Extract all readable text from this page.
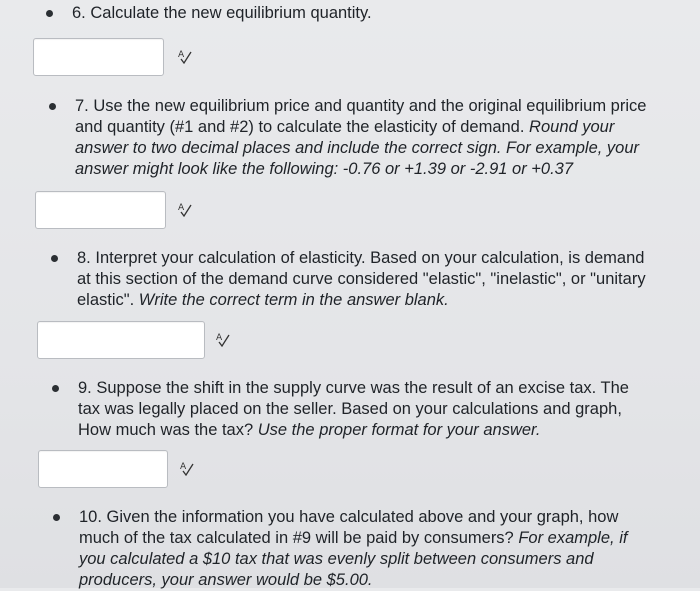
6. Calculate the new equilibrium quantity.
A
7. Use the new equilibrium price and quantity and the original equilibrium price and quantity (#1 and #2) to calculate the elasticity of demand. Round your answer to two decimal places and include the correct sign. For example, your answer might look like the following: -0.76 or +1.39 or -2.91 or +0.37
A
8. Interpret your calculation of elasticity. Based on your calculation, is demand at this section of the demand curve considered "elastic", "inelastic", or "unitary elastic". Write the correct term in the answer blank.
A
9. Suppose the shift in the supply curve was the result of an excise tax. The tax was legally placed on the seller. Based on your calculations and graph, How much was the tax? Use the proper format for your answer.
A
10. Given the information you have calculated above and your graph, how much of the tax calculated in #9 will be paid by consumers? For example, if you calculated a $10 tax that was evenly split between consumers and producers, your answer would be $5.00.
